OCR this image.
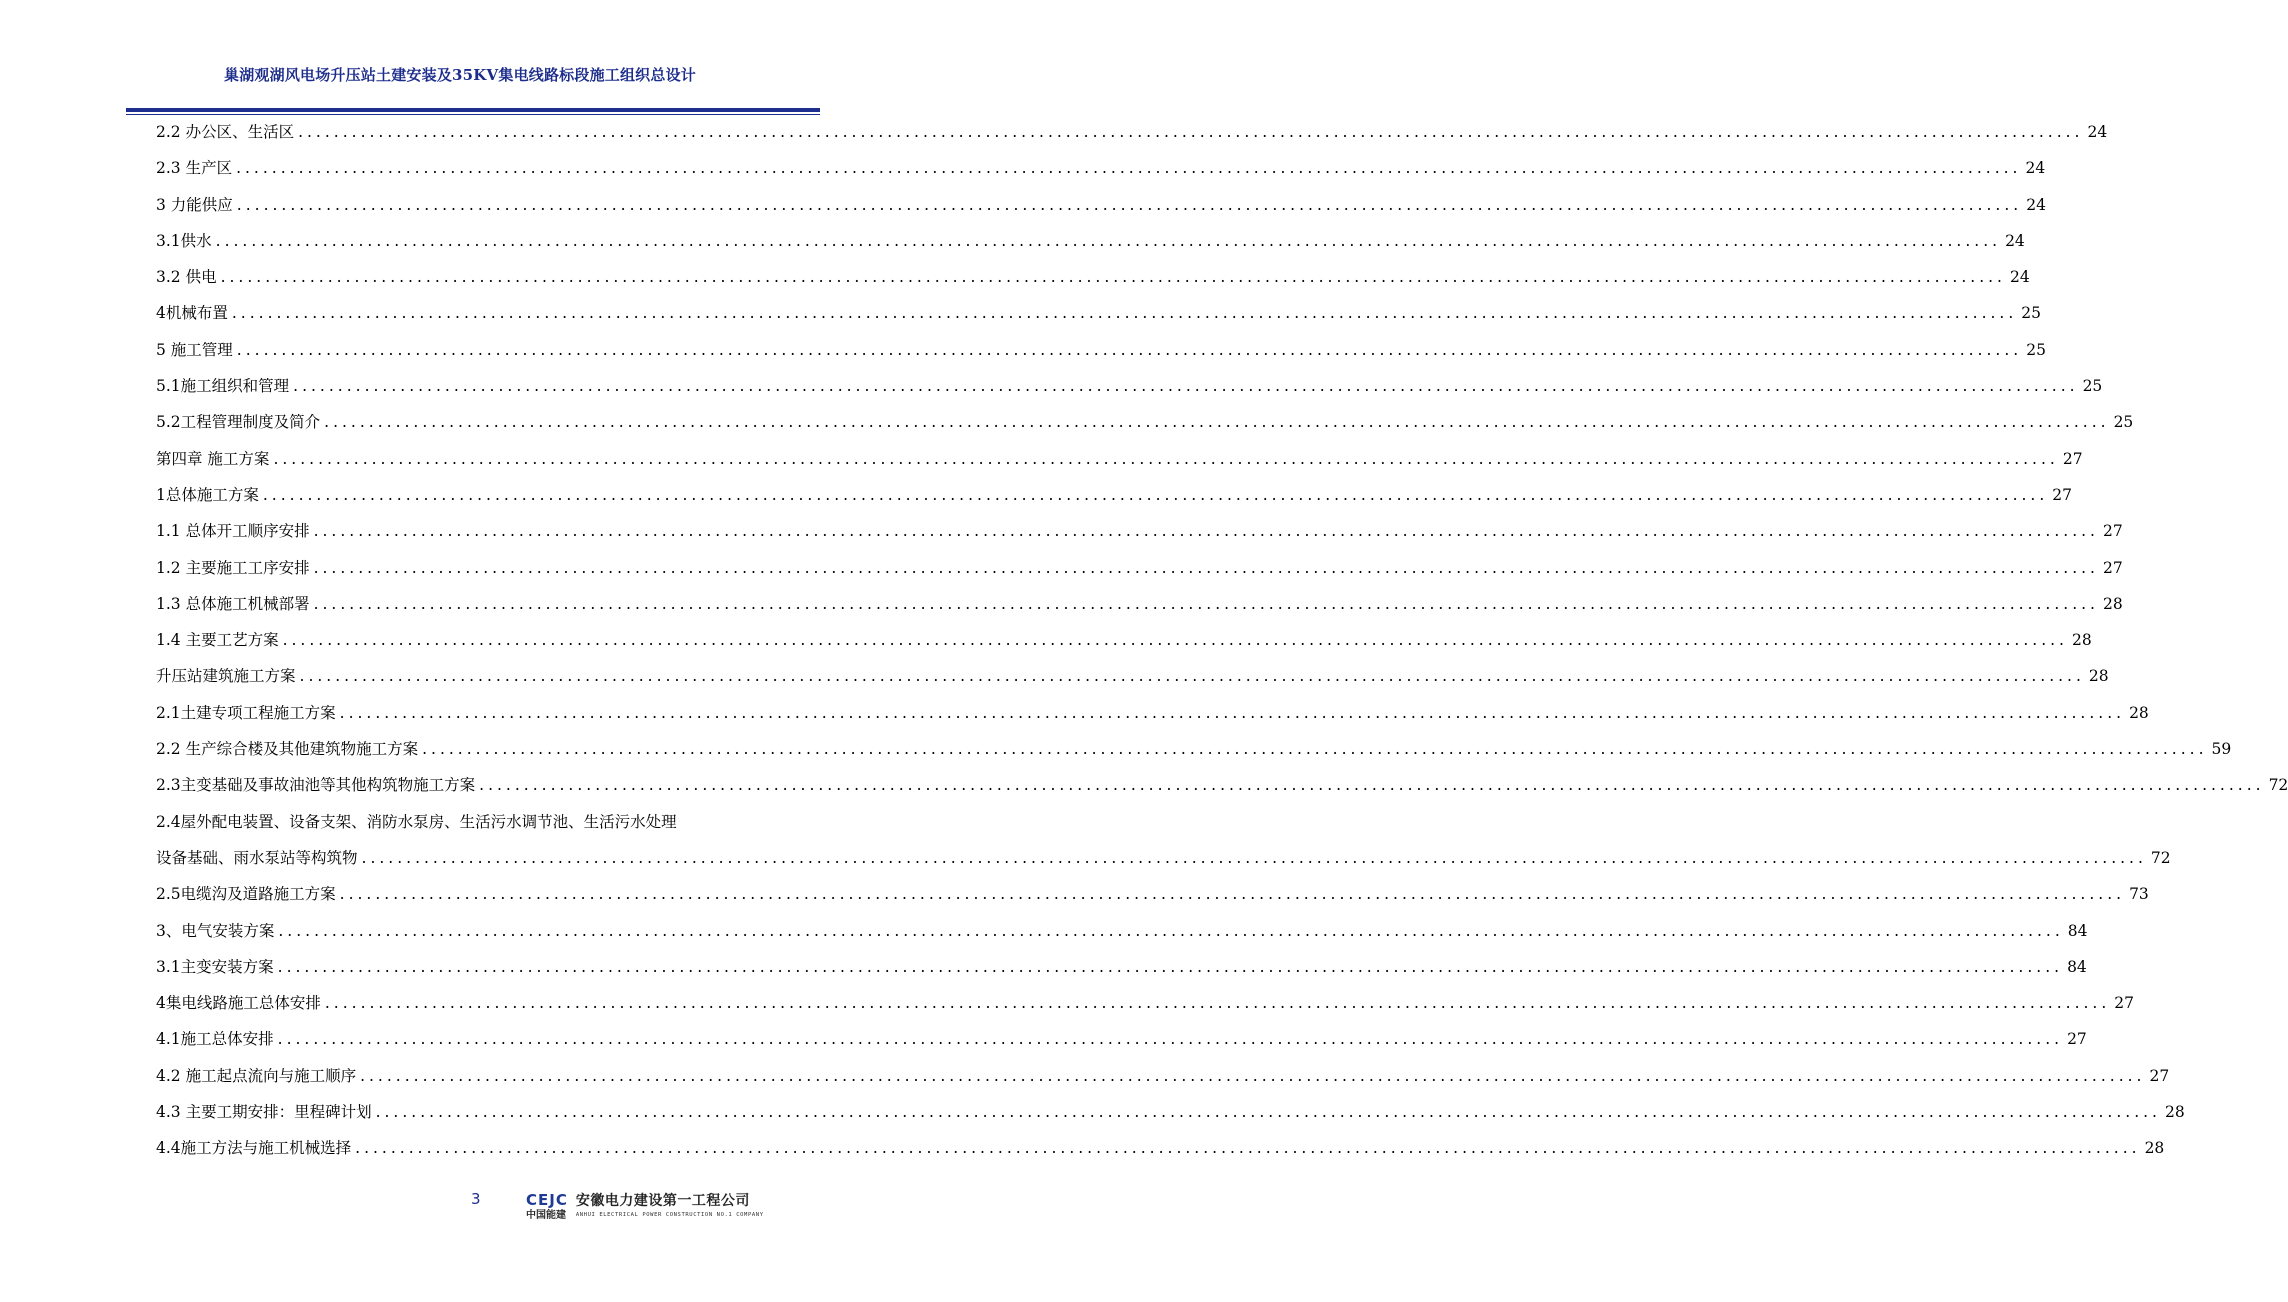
巢湖观湖风电场升压站土建安装及35KV集电线路标段施工组织总设计
2.2 办公区、生活区 ........................................................................................................................................................................................................ 24
2.3 生产区 ........................................................................................................................................................................................................ 24
3 力能供应 ........................................................................................................................................................................................................ 24
3.1供水 ........................................................................................................................................................................................................ 24
3.2 供电 ........................................................................................................................................................................................................ 24
4机械布置 ........................................................................................................................................................................................................ 25
5 施工管理 ........................................................................................................................................................................................................ 25
5.1施工组织和管理 ........................................................................................................................................................................................................ 25
5.2工程管理制度及简介 ........................................................................................................................................................................................................ 25
第四章 施工方案 ........................................................................................................................................................................................................ 27
1总体施工方案 ........................................................................................................................................................................................................ 27
1.1 总体开工顺序安排 ........................................................................................................................................................................................................ 27
1.2 主要施工工序安排 ........................................................................................................................................................................................................ 27
1.3 总体施工机械部署 ........................................................................................................................................................................................................ 28
1.4 主要工艺方案 ........................................................................................................................................................................................................ 28
升压站建筑施工方案 ........................................................................................................................................................................................................ 28
2.1土建专项工程施工方案 ........................................................................................................................................................................................................ 28
2.2 生产综合楼及其他建筑物施工方案 ........................................................................................................................................................................................................ 59
2.3主变基础及事故油池等其他构筑物施工方案 ........................................................................................................................................................................................................ 72
2.4屋外配电装置、设备支架、消防水泵房、生活污水调节池、生活污水处理
设备基础、雨水泵站等构筑物 ........................................................................................................................................................................................................ 72
2.5电缆沟及道路施工方案 ........................................................................................................................................................................................................ 73
3、电气安装方案 ........................................................................................................................................................................................................ 84
3.1主变安装方案 ........................................................................................................................................................................................................ 84
4集电线路施工总体安排 ........................................................................................................................................................................................................ 27
4.1施工总体安排 ........................................................................................................................................................................................................ 27
4.2 施工起点流向与施工顺序 ........................................................................................................................................................................................................ 27
4.3 主要工期安排：里程碑计划 ........................................................................................................................................................................................................ 28
4.4施工方法与施工机械选择 ........................................................................................................................................................................................................ 28
3	CEJC
中国能建
安徽电力建设第一工程公司
ANHUI ELECTRICAL POWER CONSTRUCTION NO.1 COMPANY
